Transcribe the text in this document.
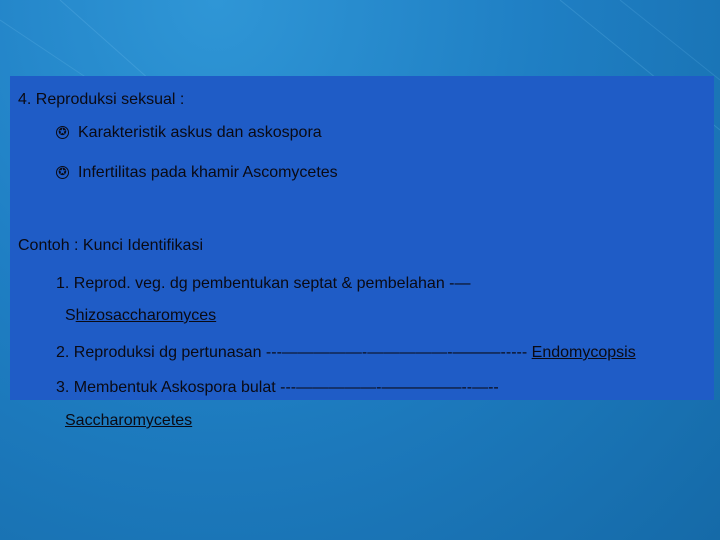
4. Reproduksi seksual :
✪ Karakteristik askus dan askospora
✪ Infertilitas pada khamir Ascomycetes
Contoh : Kunci Identifikasi
1. Reprod. veg. dg pembentukan septat & pembelahan -—
Shizosaccharomyces
2. Reproduksi dg pertunasan ---—————-—————-———----- Endomycopsis
3. Membentuk Askospora bulat ---—————-—————--—--
Saccharomycetes
